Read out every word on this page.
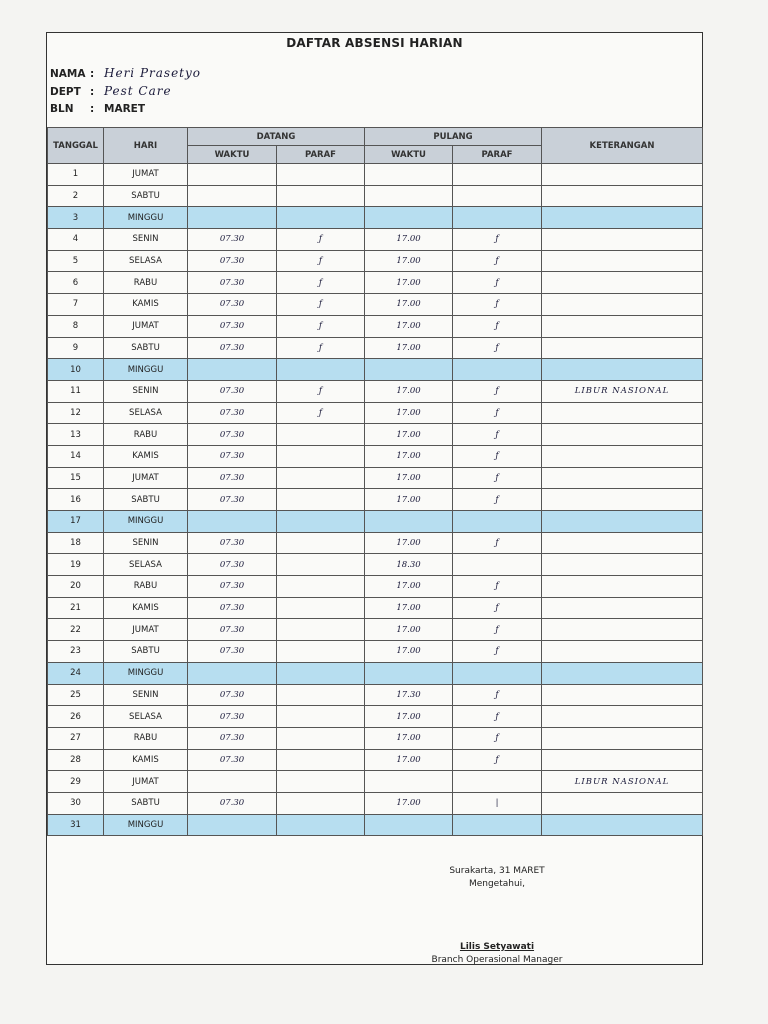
DAFTAR ABSENSI HARIAN
NAMA : Heri Prasetyo
DEPT : Pest Care
BLN : MARET
TANGGAL	HARI	DATANG		PULANG		KETERANGAN
		WAKTU	PARAF	WAKTU	PARAF	
1	JUMAT					
2	SABTU					
3	MINGGU					
4	SENIN	07.30	ƒ	17.00	ƒ	
5	SELASA	07.30	ƒ	17.00	ƒ	
6	RABU	07.30	ƒ	17.00	ƒ	
7	KAMIS	07.30	ƒ	17.00	ƒ	
8	JUMAT	07.30	ƒ	17.00	ƒ	
9	SABTU	07.30	ƒ	17.00	ƒ	
10	MINGGU					
11	SENIN	07.30	ƒ	17.00	ƒ	LIBUR NASIONAL
12	SELASA	07.30	ƒ	17.00	ƒ	
13	RABU	07.30		17.00	ƒ	
14	KAMIS	07.30		17.00	ƒ	
15	JUMAT	07.30		17.00	ƒ	
16	SABTU	07.30		17.00	ƒ	
17	MINGGU					
18	SENIN	07.30		17.00	ƒ	
19	SELASA	07.30		18.30		
20	RABU	07.30		17.00	ƒ	
21	KAMIS	07.30		17.00	ƒ	
22	JUMAT	07.30		17.00	ƒ	
23	SABTU	07.30		17.00	ƒ	
24	MINGGU					
25	SENIN	07.30		17.30	ƒ	
26	SELASA	07.30		17.00	ƒ	
27	RABU	07.30		17.00	ƒ	
28	KAMIS	07.30		17.00	ƒ	
29	JUMAT					LIBUR NASIONAL
30	SABTU	07.30		17.00	|	
31	MINGGU					
Surakarta, 31 MARET
Mengetahui,
Lilis Setyawati
Branch Operasional Manager
